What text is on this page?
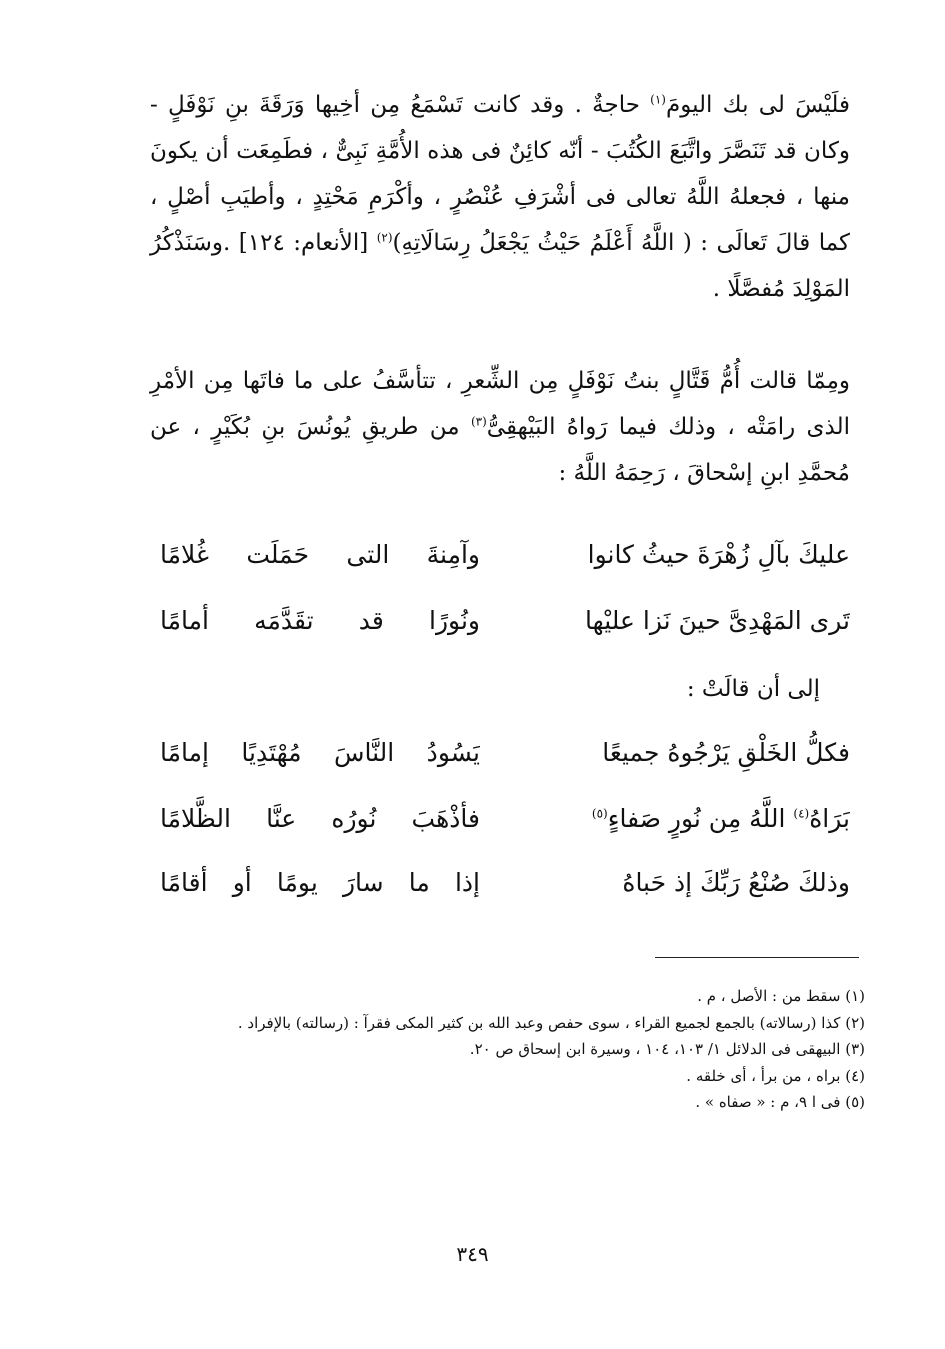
فلَيْسَ لى بك اليومَ$^{(١)}$ حاجةٌ . وقد كانت تَسْمَعُ مِن أخِيها وَرَقَةَ بنِ نَوْفَلٍ - وكان قد تَنَصَّرَ واتَّبَعَ الكُتُبَ - أنّه كائِنٌ فى هذه الأُمَّةِ نَبِىٌّ ، فطَمِعَت أن يكونَ منها ، فجعلهُ اللَّهُ تعالى فى أشْرَفِ عُنْصُرٍ ، وأكْرَمِ مَحْتِدٍ ، وأطيَبِ أصْلٍ ، كما قالَ تَعالَى : ( اللَّهُ أَعْلَمُ حَيْثُ يَجْعَلُ رِسَالَاتِهِ)$^{(٢)}$ [الأنعام: ١٢٤] .وسَنَذْكُرُ المَوْلِدَ مُفصَّلًا .
ومِمّا قالت أُمُّ قَتَّالٍ بنتُ نَوْفَلٍ مِن الشِّعرِ ، تتأسَّفُ على ما فاتَها مِن الأمْرِ الذى رامَتْه ، وذلك فيما رَواهُ البَيْهقِىُّ$^{(٣)}$ من طريقِ يُونُسَ بنِ بُكَيْرٍ ، عن مُحمَّدِ ابنِ إسْحاقَ ، رَحِمَهُ اللَّهُ :
عليكَ بآلِ زُهْرَةَ حيثُ كانوا
وآمِنةَ التى حَمَلَت غُلامًا
تَرى المَهْدِىَّ حينَ نَزا عليْها
ونُورًا قد تقَدَّمَه أمامًا
إلى أن قالَتْ :
فكلُّ الخَلْقِ يَرْجُوهُ جميعًا
يَسُودُ النَّاسَ مُهْتَدِيًا إمامًا
بَرَاهُ$^{(٤)}$ اللَّهُ مِن نُورٍ صَفاءٍ$^{(٥)}$
فأذْهَبَ نُورُه عنَّا الظَّلامًا
وذلكَ صُنْعُ رَبِّكَ إذ حَباهُ
إذا ما سارَ يومًا أو أقامًا
(١) سقط من : الأصل ، م .
(٢) كذا (رسالاته) بالجمع لجميع القراء ، سوى حفص وعبد الله بن كثير المكى فقرآ : (رسالته) بالإفراد .
(٣) البيهقى فى الدلائل ١/ ١٠٣، ١٠٤ ، وسيرة ابن إسحاق ص ٢٠.
(٤) براه ، من برأ ، أى خلقه .
(٥) فى ا ٩، م : « صفاه » .
٣٤٩
